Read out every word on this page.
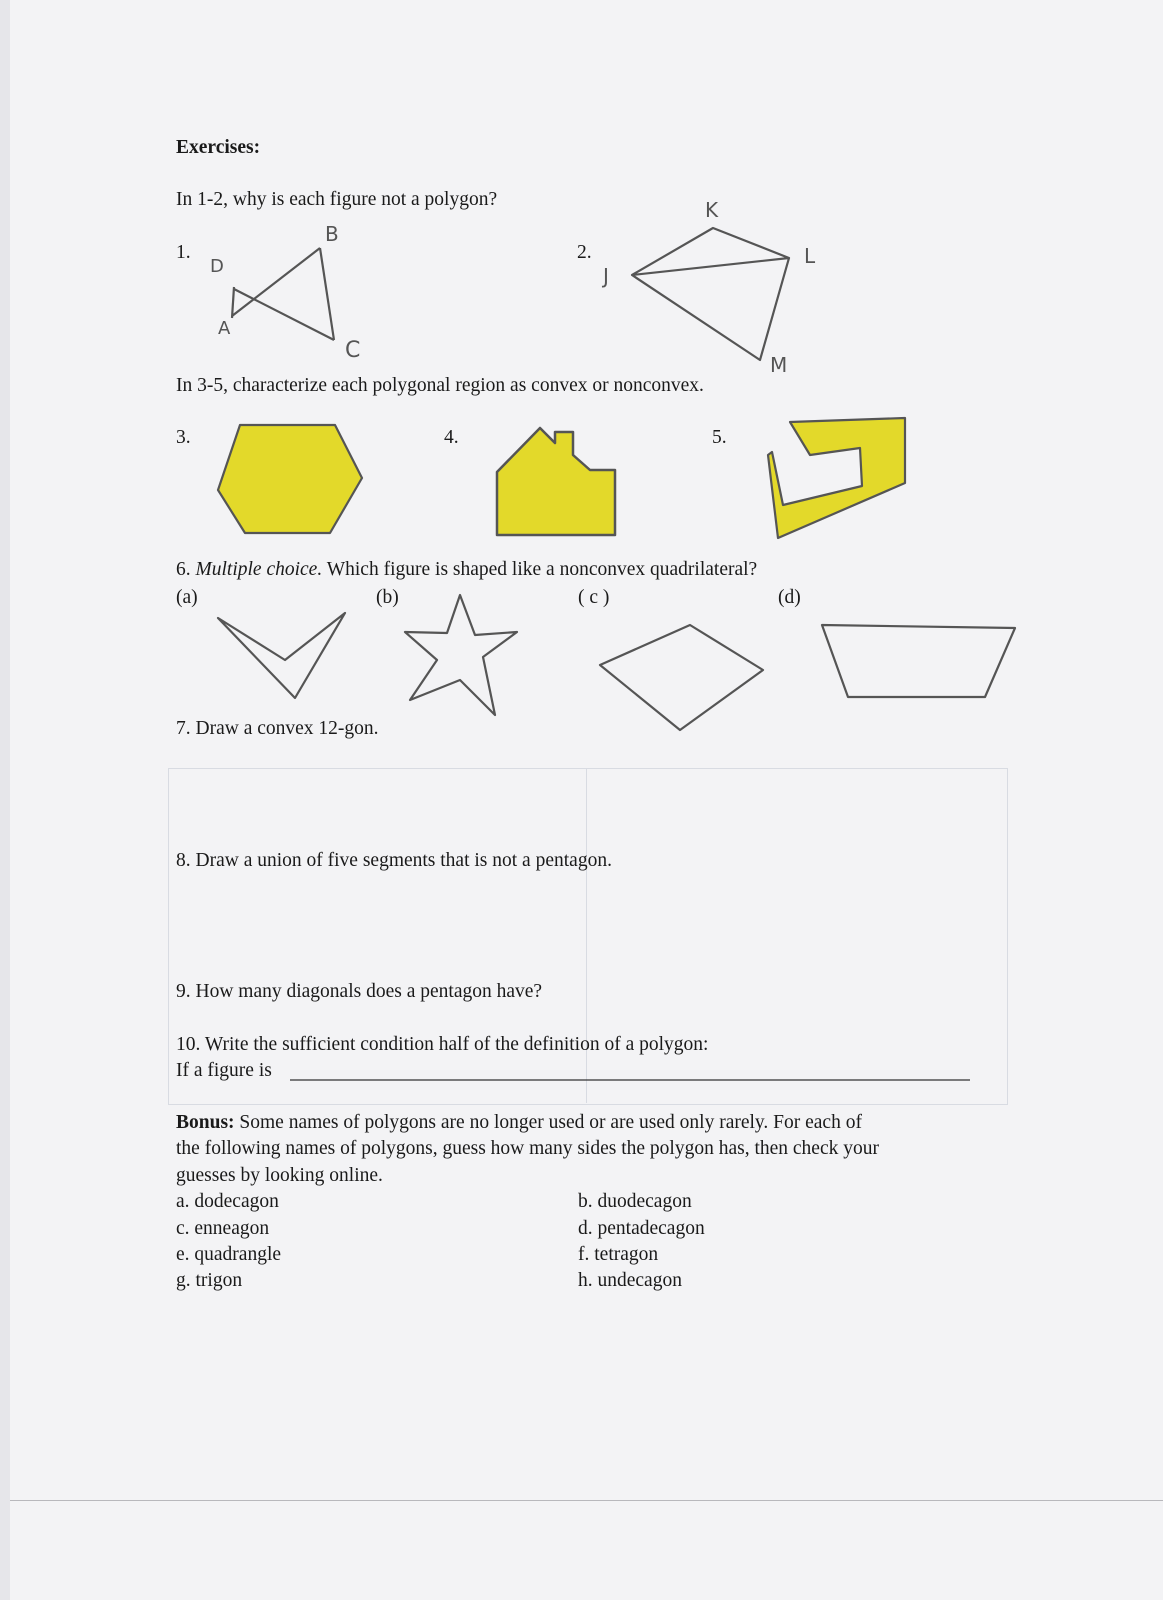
Exercises:
In 1-2, why is each figure not a polygon?
1.	2.
D
B
A
C
K
J
L
M
In 3-5, characterize each polygonal region as convex or nonconvex.
3.	4.	5.
6. Multiple choice. Which figure is shaped like a nonconvex quadrilateral?
(a)	(b)	( c )	(d)
7. Draw a convex 12-gon.
8. Draw a union of five segments that is not a pentagon.
9. How many diagonals does a pentagon have?
10. Write the sufficient condition half of the definition of a polygon:
If a figure is
Bonus: Some names of polygons are no longer used or are used only rarely. For each of
the following names of polygons, guess how many sides the polygon has, then check your
guesses by looking online.
a. dodecagon	b. duodecagon
c. enneagon	d. pentadecagon
e. quadrangle	f. tetragon
g. trigon	h. undecagon
